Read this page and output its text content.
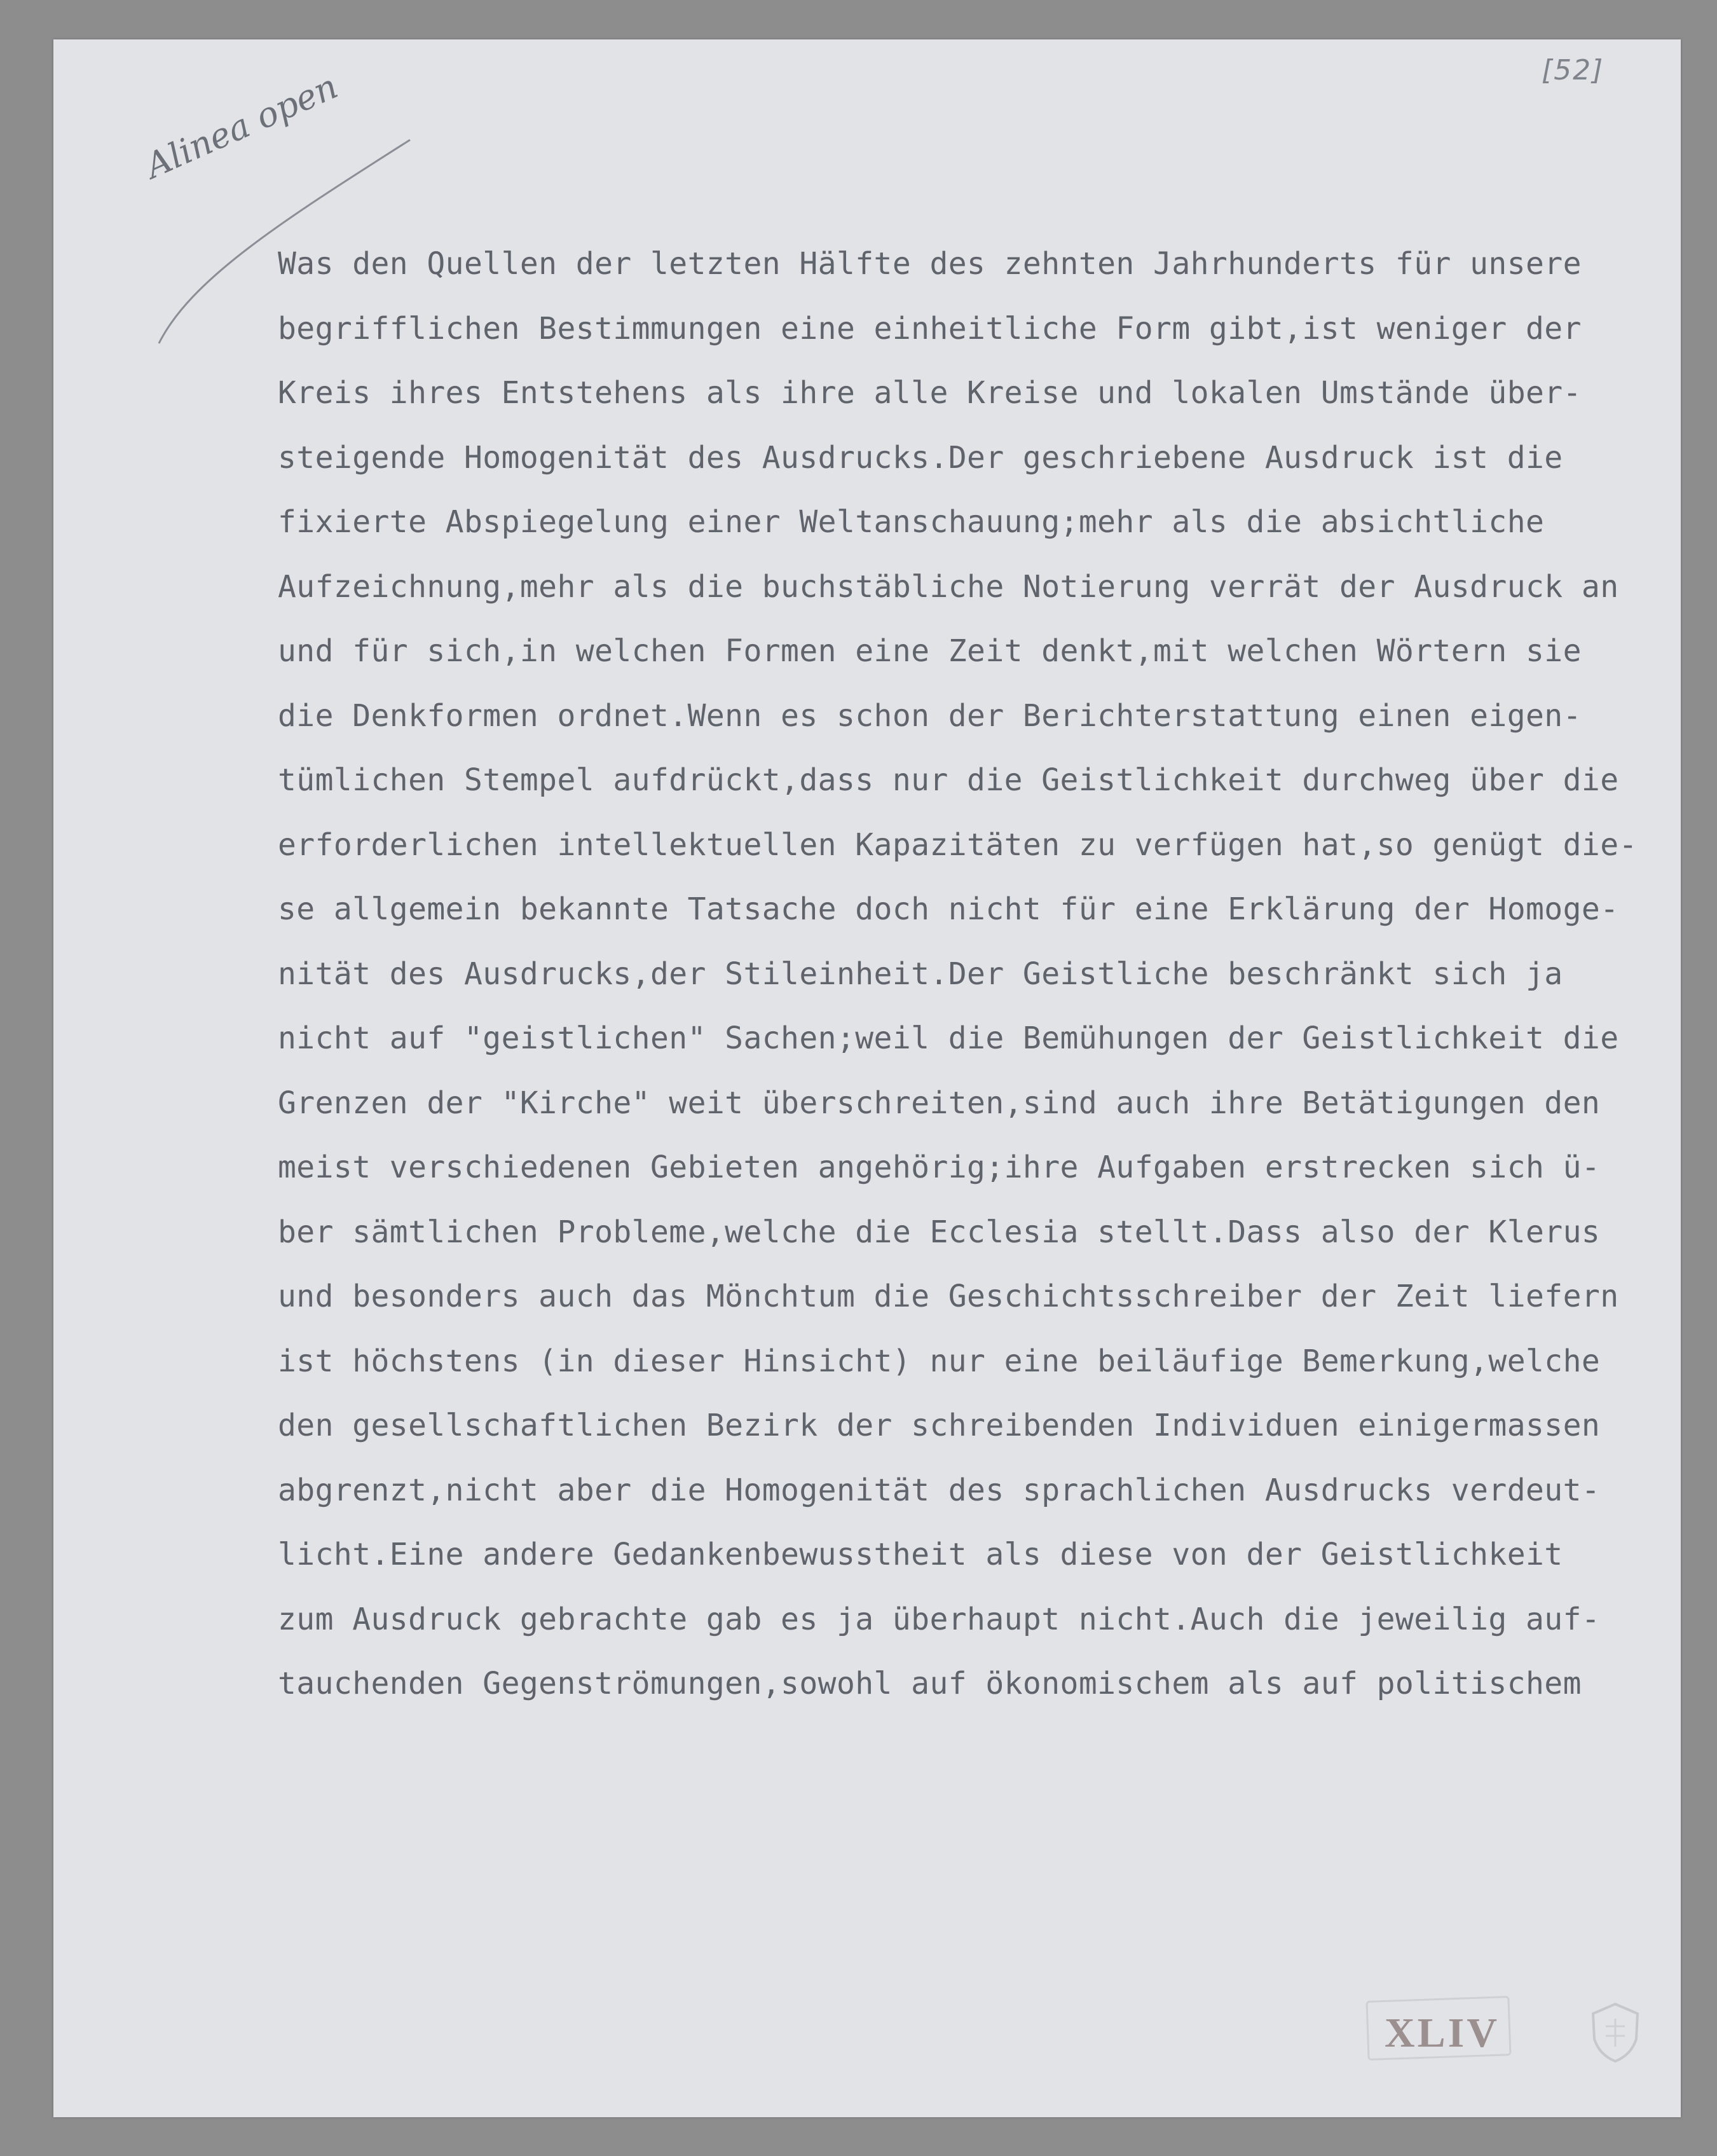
[52]
Alinea open
Was den Quellen der letzten Hälfte des zehnten Jahrhunderts für unsere
begrifflichen Bestimmungen eine einheitliche Form gibt,ist weniger der
Kreis ihres Entstehens als ihre alle Kreise und lokalen Umstände über-
steigende Homogenität des Ausdrucks.Der geschriebene Ausdruck ist die
fixierte Abspiegelung einer Weltanschauung;mehr als die absichtliche
Aufzeichnung,mehr als die buchstäbliche Notierung verrät der Ausdruck an
und für sich,in welchen Formen eine Zeit denkt,mit welchen Wörtern sie
die Denkformen ordnet.Wenn es schon der Berichterstattung einen eigen-
tümlichen Stempel aufdrückt,dass nur die Geistlichkeit durchweg über die
erforderlichen intellektuellen Kapazitäten zu verfügen hat,so genügt die-
se allgemein bekannte Tatsache doch nicht für eine Erklärung der Homoge-
nität des Ausdrucks,der Stileinheit.Der Geistliche beschränkt sich ja
nicht auf "geistlichen" Sachen;weil die Bemühungen der Geistlichkeit die
Grenzen der "Kirche" weit überschreiten,sind auch ihre Betätigungen den
meist verschiedenen Gebieten angehörig;ihre Aufgaben erstrecken sich ü-
ber sämtlichen Probleme,welche die Ecclesia stellt.Dass also der Klerus
und besonders auch das Mönchtum die Geschichtsschreiber der Zeit liefern
ist höchstens (in dieser Hinsicht) nur eine beiläufige Bemerkung,welche
den gesellschaftlichen Bezirk der schreibenden Individuen einigermassen
abgrenzt,nicht aber die Homogenität des sprachlichen Ausdrucks verdeut-
licht.Eine andere Gedankenbewusstheit als diese von der Geistlichkeit
zum Ausdruck gebrachte gab es ja überhaupt nicht.Auch die jeweilig auf-
tauchenden Gegenströmungen,sowohl auf ökonomischem als auf politischem
XLIV
